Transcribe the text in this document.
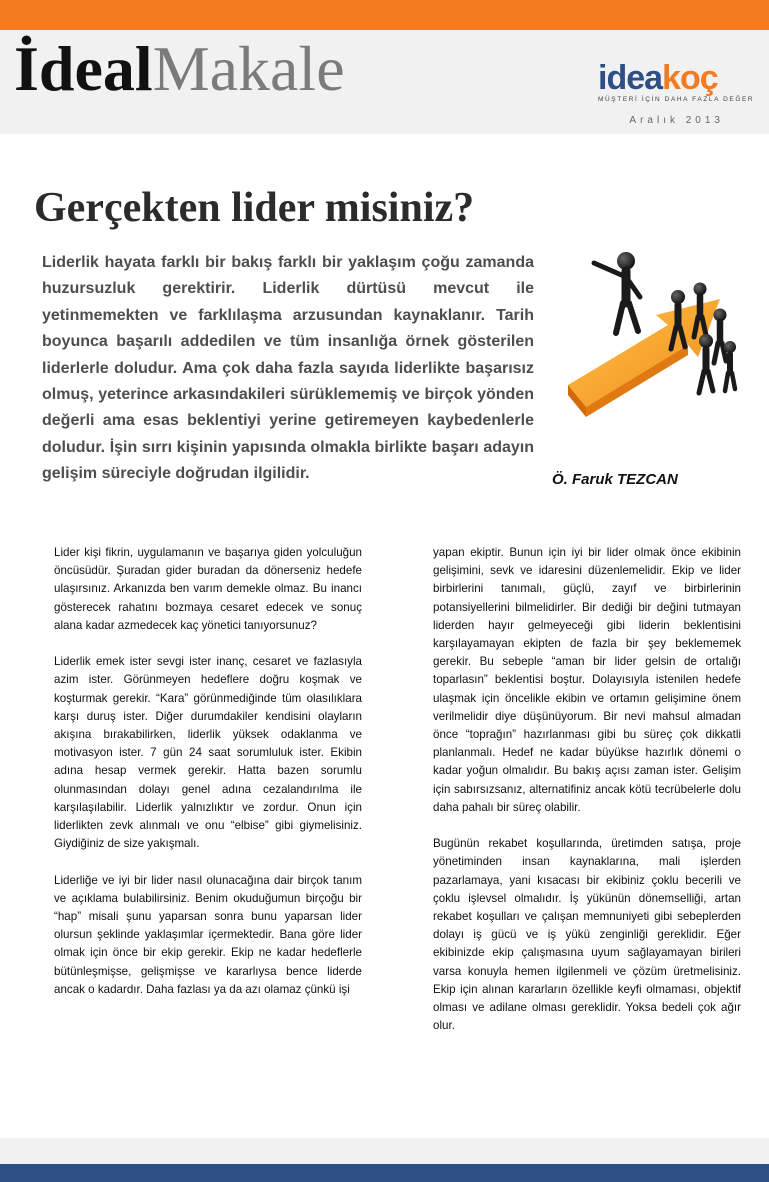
İdealMakale	ideakoç
MÜŞTERİ İÇİN DAHA FAZLA DEĞER
Aralık 2013
Gerçekten lider misiniz?

Liderlik hayata farklı bir bakış farklı bir yaklaşım çoğu zamanda huzursuzluk gerektirir. Liderlik dürtüsü mevcut ile yetinmemekten ve farklılaşma arzusundan kaynaklanır. Tarih boyunca başarılı addedilen ve tüm insanlığa örnek gösterilen liderlerle doludur. Ama çok daha fazla sayıda liderlikte başarısız olmuş, yeterince arkasındakileri sürüklememiş ve birçok yönden değerli ama esas beklentiyi yerine getiremeyen kaybedenlerle doludur. İşin sırrı kişinin yapısında olmakla birlikte başarı adayın gelişim süreciyle doğrudan ilgilidir.	Ö. Faruk TEZCAN

Lider kişi fikrin, uygulamanın ve başarıya giden yolculuğun öncüsüdür. Şuradan gider buradan da dönerseniz hedefe ulaşırsınız. Arkanızda ben varım demekle olmaz. Bu inancı gösterecek rahatını bozmaya cesaret edecek ve sonuç alana kadar azmedecek kaç yönetici tanıyorsunuz?

Liderlik emek ister sevgi ister inanç, cesaret ve fazlasıyla azim ister. Görünmeyen hedeflere doğru koşmak ve koşturmak gerekir. “Kara” görünmediğinde tüm olasılıklara karşı duruş ister. Diğer durumdakiler kendisini olayların akışına bırakabilirken, liderlik yüksek odaklanma ve motivasyon ister. 7 gün 24 saat sorumluluk ister. Ekibin adına hesap vermek gerekir. Hatta bazen sorumlu olunmasından dolayı genel adına cezalandırılma ile karşılaşılabilir. Liderlik yalnızlıktır ve zordur. Onun için liderlikten zevk alınmalı ve onu “elbise” gibi giymelisiniz. Giydiğiniz de size yakışmalı.

Liderliğe ve iyi bir lider nasıl olunacağına dair birçok tanım ve açıklama bulabilirsiniz. Benim okuduğumun birçoğu bir “hap” misali şunu yaparsan sonra bunu yaparsan lider olursun şeklinde yaklaşımlar içermektedir. Bana göre lider olmak için önce bir ekip gerekir. Ekip ne kadar hedeflerle bütünleşmişse, gelişmişse ve kararlıysa bence liderde ancak o kadardır. Daha fazlası ya da azı olamaz çünkü işi

yapan ekiptir. Bunun için iyi bir lider olmak önce ekibinin gelişimini, sevk ve idaresini düzenlemelidir. Ekip ve lider birbirlerini tanımalı, güçlü, zayıf ve birbirlerinin potansiyellerini bilmelidirler. Bir dediği bir değini tutmayan liderden hayır gelmeyeceği gibi liderin beklentisini karşılayamayan ekipten de fazla bir şey beklememek gerekir. Bu sebeple “aman bir lider gelsin de ortalığı toparlasın” beklentisi boştur. Dolayısıyla istenilen hedefe ulaşmak için öncelikle ekibin ve ortamın gelişimine önem verilmelidir diye düşünüyorum. Bir nevi mahsul almadan önce “toprağın” hazırlanması gibi bu süreç çok dikkatli planlanmalı. Hedef ne kadar büyükse hazırlık dönemi o kadar yoğun olmalıdır. Bu bakış açısı zaman ister. Gelişim için sabırsızsanız, alternatifiniz ancak kötü tecrübelerle dolu daha pahalı bir süreç olabilir.

Bugünün rekabet koşullarında, üretimden satışa, proje yönetiminden insan kaynaklarına, mali işlerden pazarlamaya, yani kısacası bir ekibiniz çoklu becerili ve çoklu işlevsel olmalıdır. İş yükünün dönemselliği, artan rekabet koşulları ve çalışan memnuniyeti gibi sebeplerden dolayı iş gücü ve iş yükü zenginliği gereklidir. Eğer ekibinizde ekip çalışmasına uyum sağlayamayan birileri varsa konuyla hemen ilgilenmeli ve çözüm üretmelisiniz. Ekip için alınan kararların özellikle keyfi olmaması, objektif olması ve adilane olması gereklidir. Yoksa bedeli çok ağır olur.
